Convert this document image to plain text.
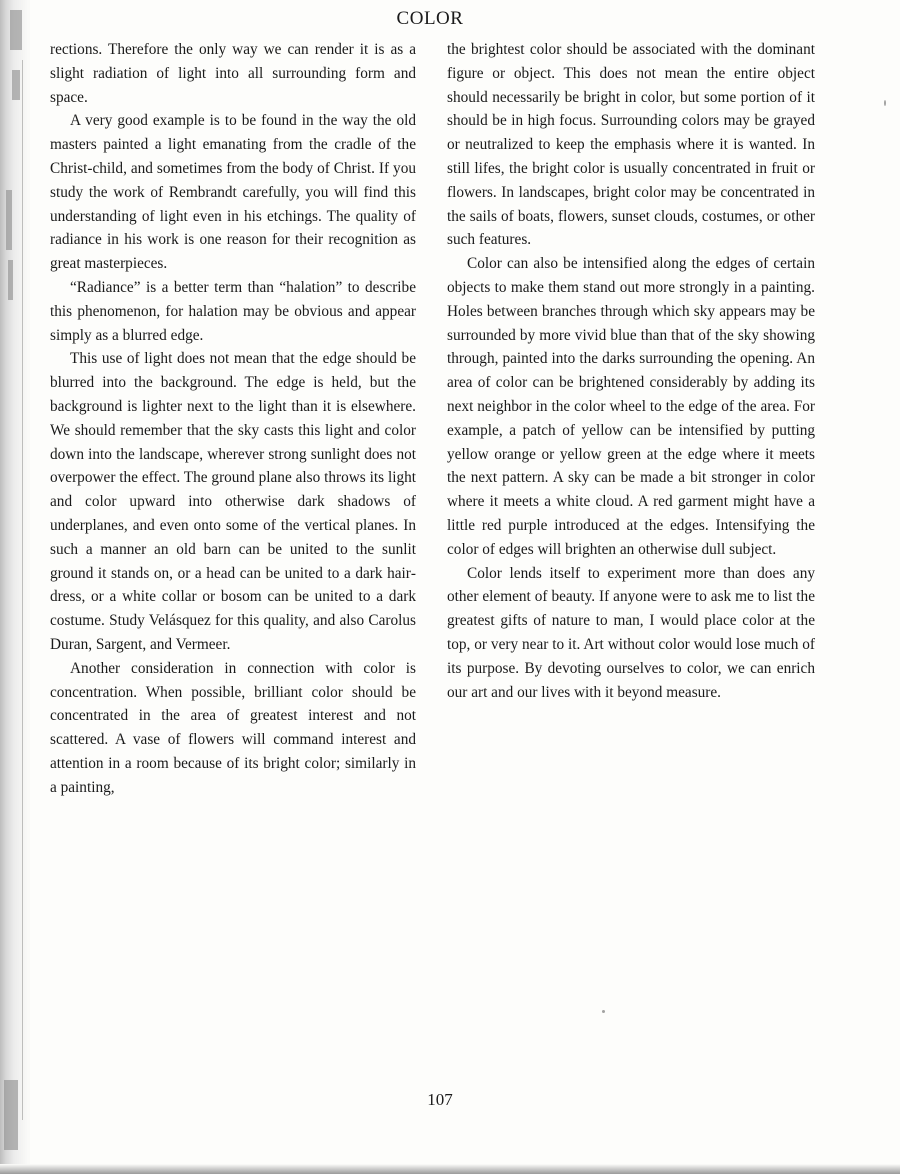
COLOR

rections. Therefore the only way we can render it is as a slight radiation of light into all surrounding form and space.

A very good example is to be found in the way the old masters painted a light emanating from the cradle of the Christ-child, and sometimes from the body of Christ. If you study the work of Rembrandt carefully, you will find this understanding of light even in his etchings. The quality of radiance in his work is one reason for their recognition as great masterpieces.

“Radiance” is a better term than “halation” to describe this phenomenon, for halation may be obvious and appear simply as a blurred edge.

This use of light does not mean that the edge should be blurred into the background. The edge is held, but the background is lighter next to the light than it is elsewhere. We should remember that the sky casts this light and color down into the landscape, wherever strong sunlight does not overpower the effect. The ground plane also throws its light and color upward into otherwise dark shadows of underplanes, and even onto some of the vertical planes. In such a manner an old barn can be united to the sunlit ground it stands on, or a head can be united to a dark hairdress, or a white collar or bosom can be united to a dark costume. Study Velásquez for this quality, and also Carolus Duran, Sargent, and Vermeer.

Another consideration in connection with color is concentration. When possible, brilliant color should be concentrated in the area of greatest interest and not scattered. A vase of flowers will command interest and attention in a room because of its bright color; similarly in a painting,

the brightest color should be associated with the dominant figure or object. This does not mean the entire object should necessarily be bright in color, but some portion of it should be in high focus. Surrounding colors may be grayed or neutralized to keep the emphasis where it is wanted. In still lifes, the bright color is usually concentrated in fruit or flowers. In landscapes, bright color may be concentrated in the sails of boats, flowers, sunset clouds, costumes, or other such features.

Color can also be intensified along the edges of certain objects to make them stand out more strongly in a painting. Holes between branches through which sky appears may be surrounded by more vivid blue than that of the sky showing through, painted into the darks surrounding the opening. An area of color can be brightened considerably by adding its next neighbor in the color wheel to the edge of the area. For example, a patch of yellow can be intensified by putting yellow orange or yellow green at the edge where it meets the next pattern. A sky can be made a bit stronger in color where it meets a white cloud. A red garment might have a little red purple introduced at the edges. Intensifying the color of edges will brighten an otherwise dull subject.

Color lends itself to experiment more than does any other element of beauty. If anyone were to ask me to list the greatest gifts of nature to man, I would place color at the top, or very near to it. Art without color would lose much of its purpose. By devoting ourselves to color, we can enrich our art and our lives with it beyond measure.

107
